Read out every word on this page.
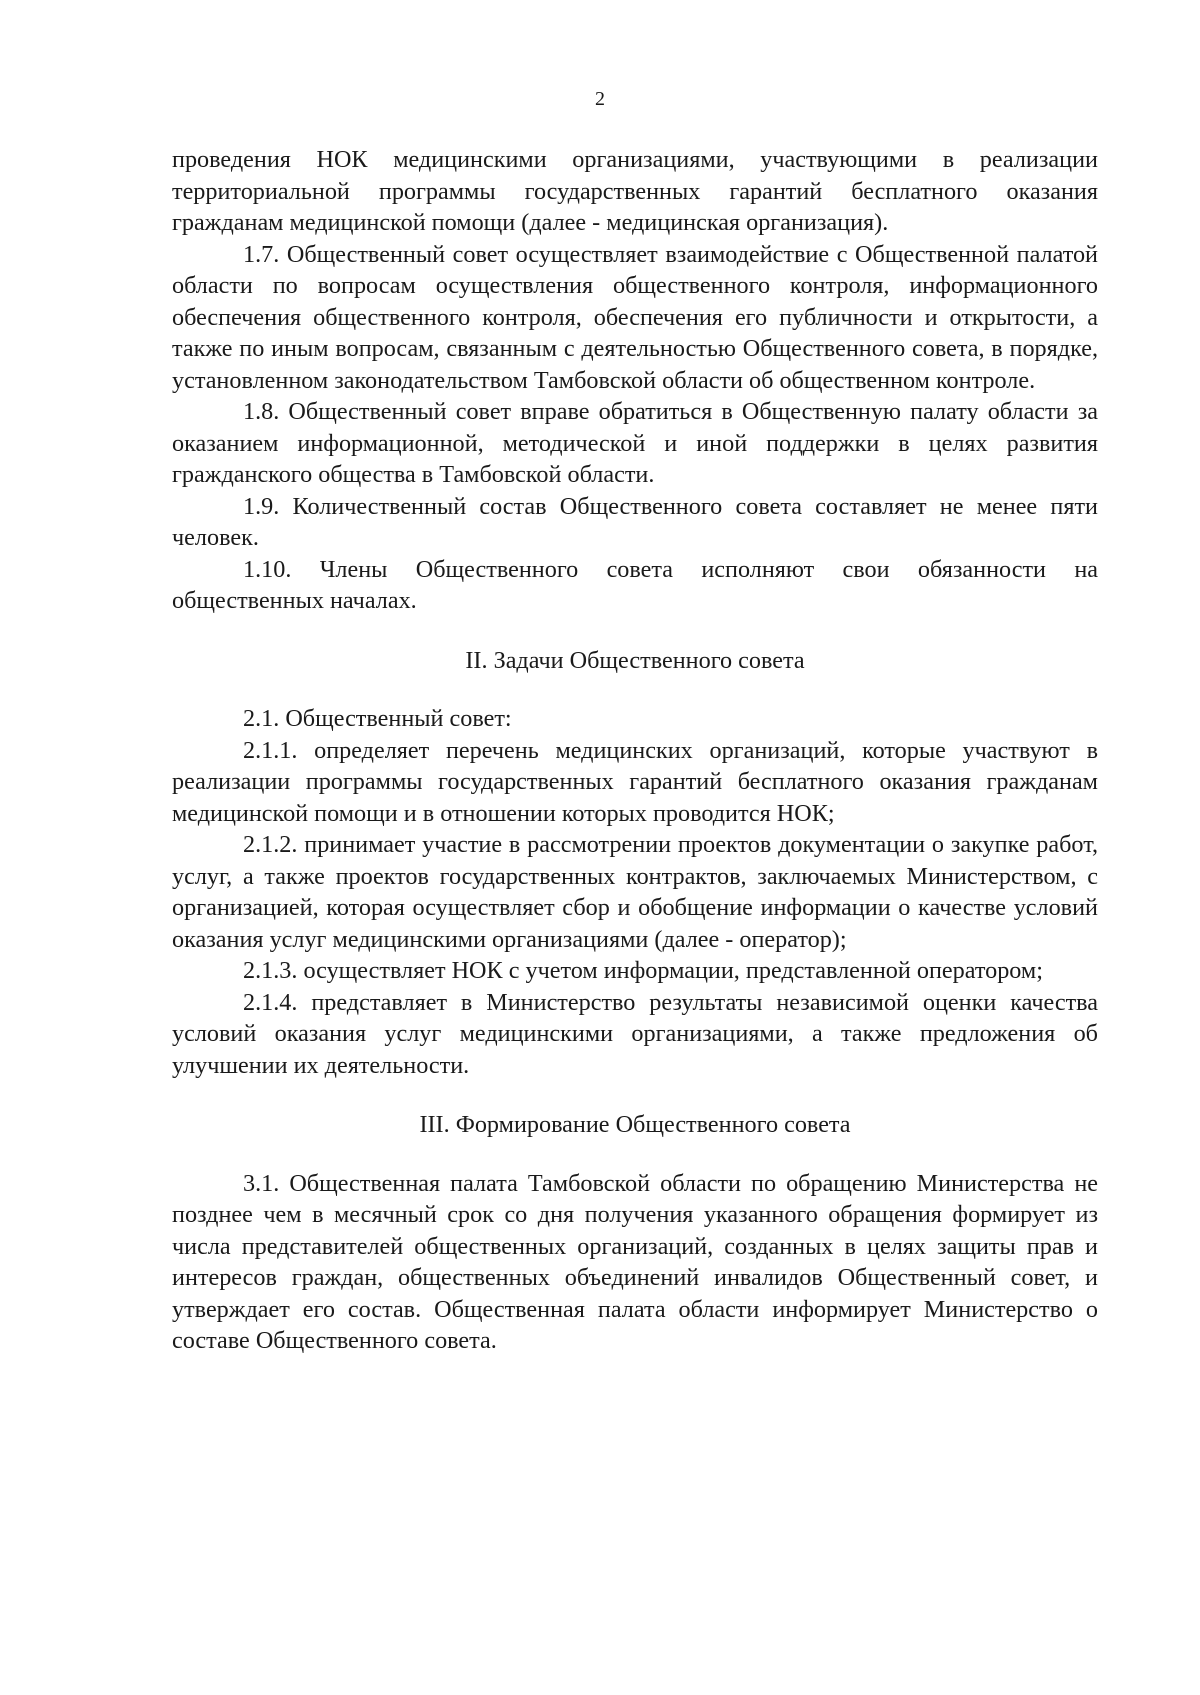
2

проведения НОК медицинскими организациями, участвующими в реализации территориальной программы государственных гарантий бесплатного оказания гражданам медицинской помощи (далее - медицинская организация).

1.7. Общественный совет осуществляет взаимодействие с Общественной палатой области по вопросам осуществления общественного контроля, информационного обеспечения общественного контроля, обеспечения его публичности и открытости, а также по иным вопросам, связанным с деятельностью Общественного совета, в порядке, установленном законодательством Тамбовской области об общественном контроле.

1.8. Общественный совет вправе обратиться в Общественную палату области за оказанием информационной, методической и иной поддержки в целях развития гражданского общества в Тамбовской области.

1.9. Количественный состав Общественного совета составляет не менее пяти человек.

1.10. Члены Общественного совета исполняют свои обязанности на общественных началах.

II. Задачи Общественного совета

2.1. Общественный совет:

2.1.1. определяет перечень медицинских организаций, которые участвуют в реализации программы государственных гарантий бесплатного оказания гражданам медицинской помощи и в отношении которых проводится НОК;

2.1.2. принимает участие в рассмотрении проектов документации о закупке работ, услуг, а также проектов государственных контрактов, заключаемых Министерством, с организацией, которая осуществляет сбор и обобщение информации о качестве условий оказания услуг медицинскими организациями (далее - оператор);

2.1.3. осуществляет НОК с учетом информации, представленной оператором;

2.1.4. представляет в Министерство результаты независимой оценки качества условий оказания услуг медицинскими организациями, а также предложения об улучшении их деятельности.

III. Формирование Общественного совета

3.1. Общественная палата Тамбовской области по обращению Министерства не позднее чем в месячный срок со дня получения указанного обращения формирует из числа представителей общественных организаций, созданных в целях защиты прав и интересов граждан, общественных объединений инвалидов Общественный совет, и утверждает его состав. Общественная палата области информирует Министерство о составе Общественного совета.
